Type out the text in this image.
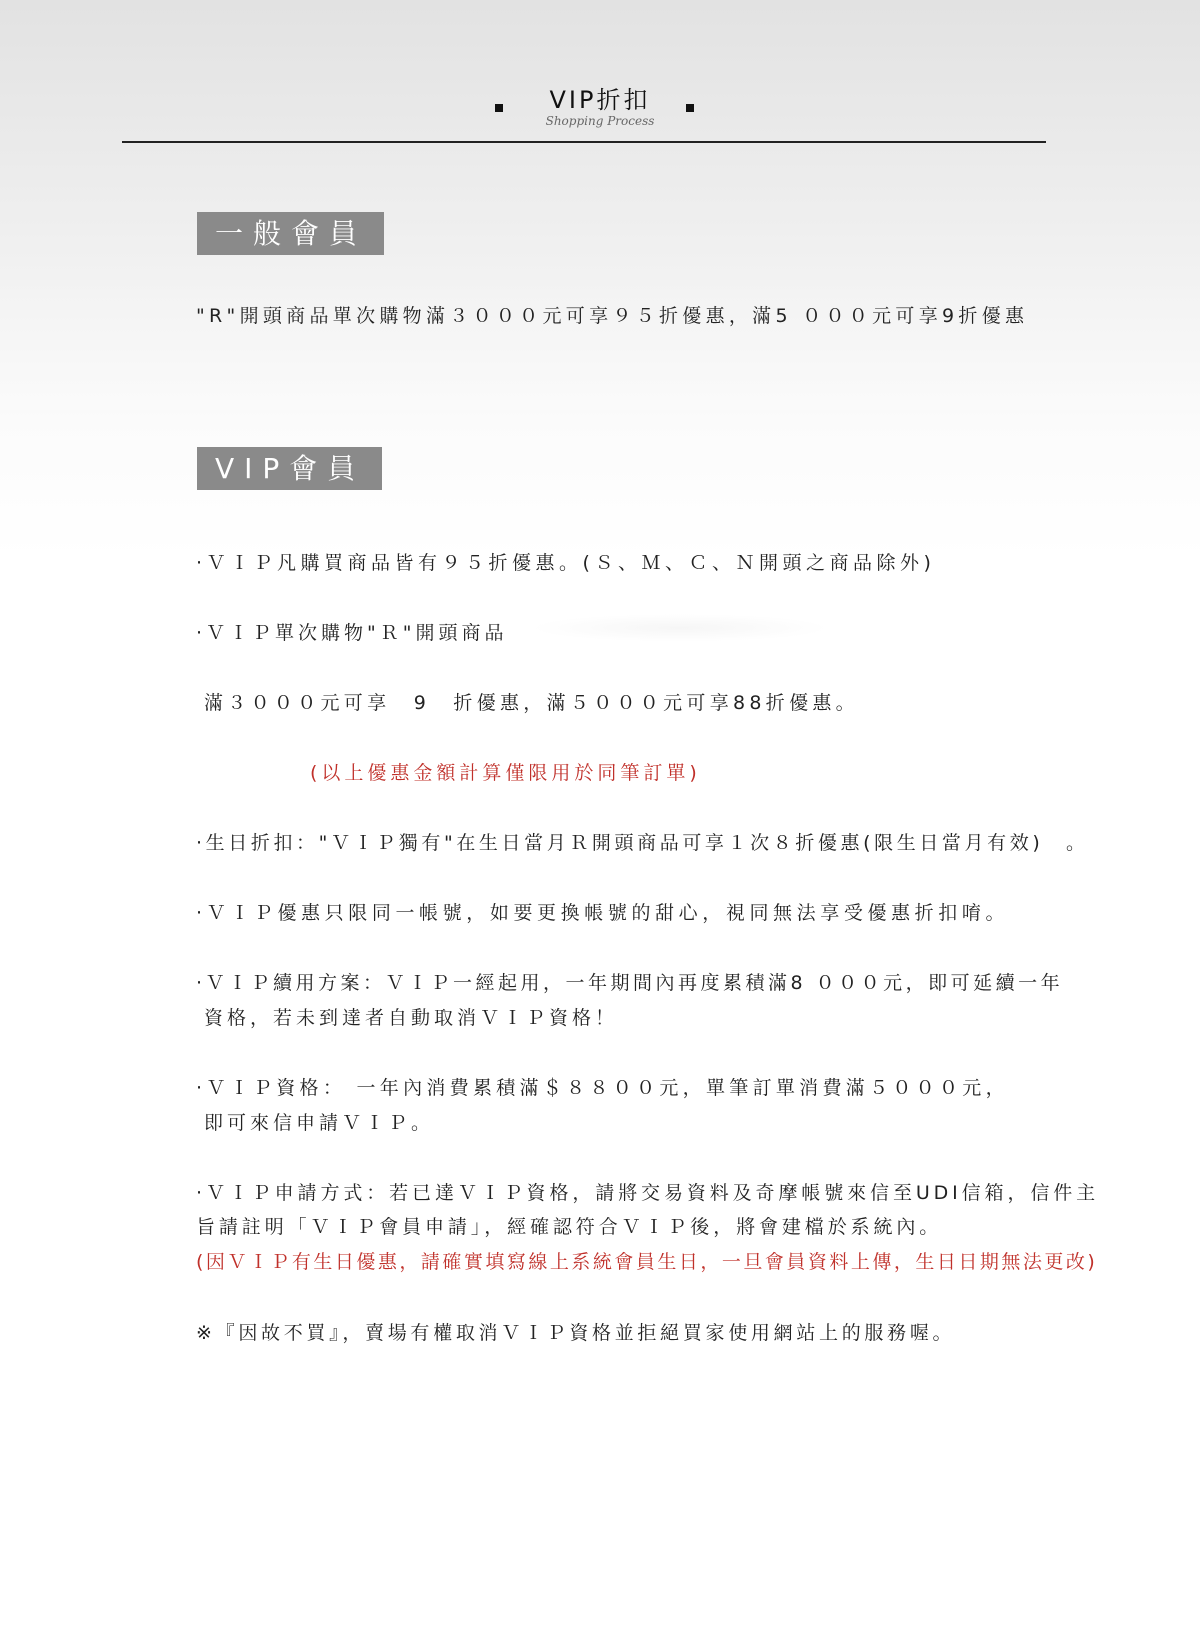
VIP折扣
Shopping Process
一般會員
"R"開頭商品單次購物滿３０００元可享９５折優惠，滿5 ０００元可享9折優惠
VIP會員
·ＶＩＰ凡購買商品皆有９５折優惠。(Ｓ、Ｍ、Ｃ、Ｎ開頭之商品除外)
·ＶＩＰ單次購物"Ｒ"開頭商品
滿３０００元可享　9　折優惠，滿５０００元可享88折優惠。
(以上優惠金額計算僅限用於同筆訂單)
·生日折扣："ＶＩＰ獨有"在生日當月Ｒ開頭商品可享１次８折優惠(限生日當月有效)　。
·ＶＩＰ優惠只限同一帳號，如要更換帳號的甜心，視同無法享受優惠折扣唷。
·ＶＩＰ續用方案：ＶＩＰ一經起用，一年期間內再度累積滿8 ０００元，即可延續一年
資格，若未到達者自動取消ＶＩＰ資格！
·ＶＩＰ資格： 一年內消費累積滿＄８８００元，單筆訂單消費滿５０００元，
即可來信申請ＶＩＰ。
·ＶＩＰ申請方式：若已達ＶＩＰ資格，請將交易資料及奇摩帳號來信至UDI信箱，信件主
旨請註明「ＶＩＰ會員申請」，經確認符合ＶＩＰ後，將會建檔於系統內。
(因ＶＩＰ有生日優惠，請確實填寫線上系統會員生日，一旦會員資料上傳，生日日期無法更改)
※『因故不買』，賣場有權取消ＶＩＰ資格並拒絕買家使用網站上的服務喔。
